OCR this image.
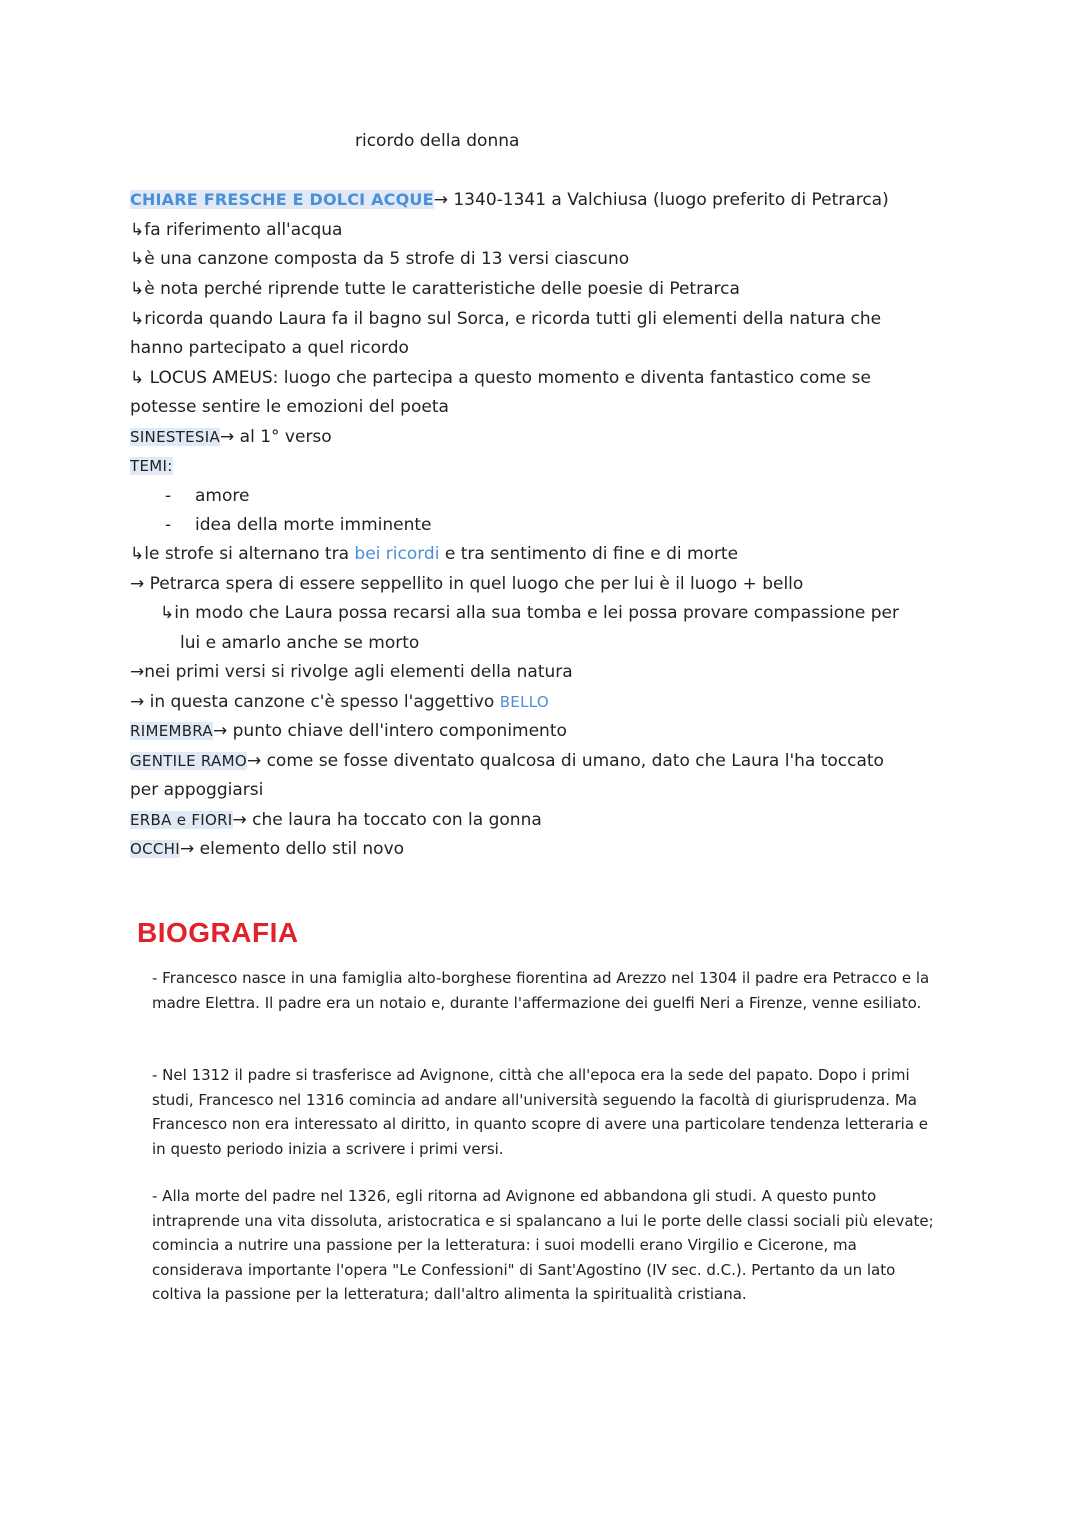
ricordo della donna
CHIARE FRESCHE E DOLCI ACQUE→ 1340-1341 a Valchiusa (luogo preferito di Petrarca)
↳fa riferimento all'acqua
↳è una canzone composta da 5 strofe di 13 versi ciascuno
↳è nota perché riprende tutte le caratteristiche delle poesie di Petrarca
↳ricorda quando Laura fa il bagno sul Sorca, e ricorda tutti gli elementi della natura che
hanno partecipato a quel ricordo
↳ LOCUS AMEUS: luogo che partecipa a questo momento e diventa fantastico come se
potesse sentire le emozioni del poeta
SINESTESIA→ al 1° verso
TEMI:
- amore
- idea della morte imminente
↳le strofe si alternano tra bei ricordi e tra sentimento di fine e di morte
→ Petrarca spera di essere seppellito in quel luogo che per lui è il luogo + bello
↳in modo che Laura possa recarsi alla sua tomba e lei possa provare compassione per
lui e amarlo anche se morto
→nei primi versi si rivolge agli elementi della natura
→ in questa canzone c'è spesso l'aggettivo BELLO
RIMEMBRA→ punto chiave dell'intero componimento
GENTILE RAMO→ come se fosse diventato qualcosa di umano, dato che Laura l'ha toccato
per appoggiarsi
ERBA e FIORI→ che laura ha toccato con la gonna
OCCHI→ elemento dello stil novo
BIOGRAFIA
- Francesco nasce in una famiglia alto-borghese fiorentina ad Arezzo nel 1304 il padre era Petracco e la madre Elettra. Il padre era un notaio e, durante l'affermazione dei guelfi Neri a Firenze, venne esiliato.
- Nel 1312 il padre si trasferisce ad Avignone, città che all'epoca era la sede del papato. Dopo i primi studi, Francesco nel 1316 comincia ad andare all'università seguendo la facoltà di giurisprudenza. Ma Francesco non era interessato al diritto, in quanto scopre di avere una particolare tendenza letteraria e in questo periodo inizia a scrivere i primi versi.
- Alla morte del padre nel 1326, egli ritorna ad Avignone ed abbandona gli studi. A questo punto intraprende una vita dissoluta, aristocratica e si spalancano a lui le porte delle classi sociali più elevate; comincia a nutrire una passione per la letteratura: i suoi modelli erano Virgilio e Cicerone, ma considerava importante l'opera "Le Confessioni" di Sant'Agostino (IV sec. d.C.). Pertanto da un lato coltiva la passione per la letteratura; dall'altro alimenta la spiritualità cristiana.
